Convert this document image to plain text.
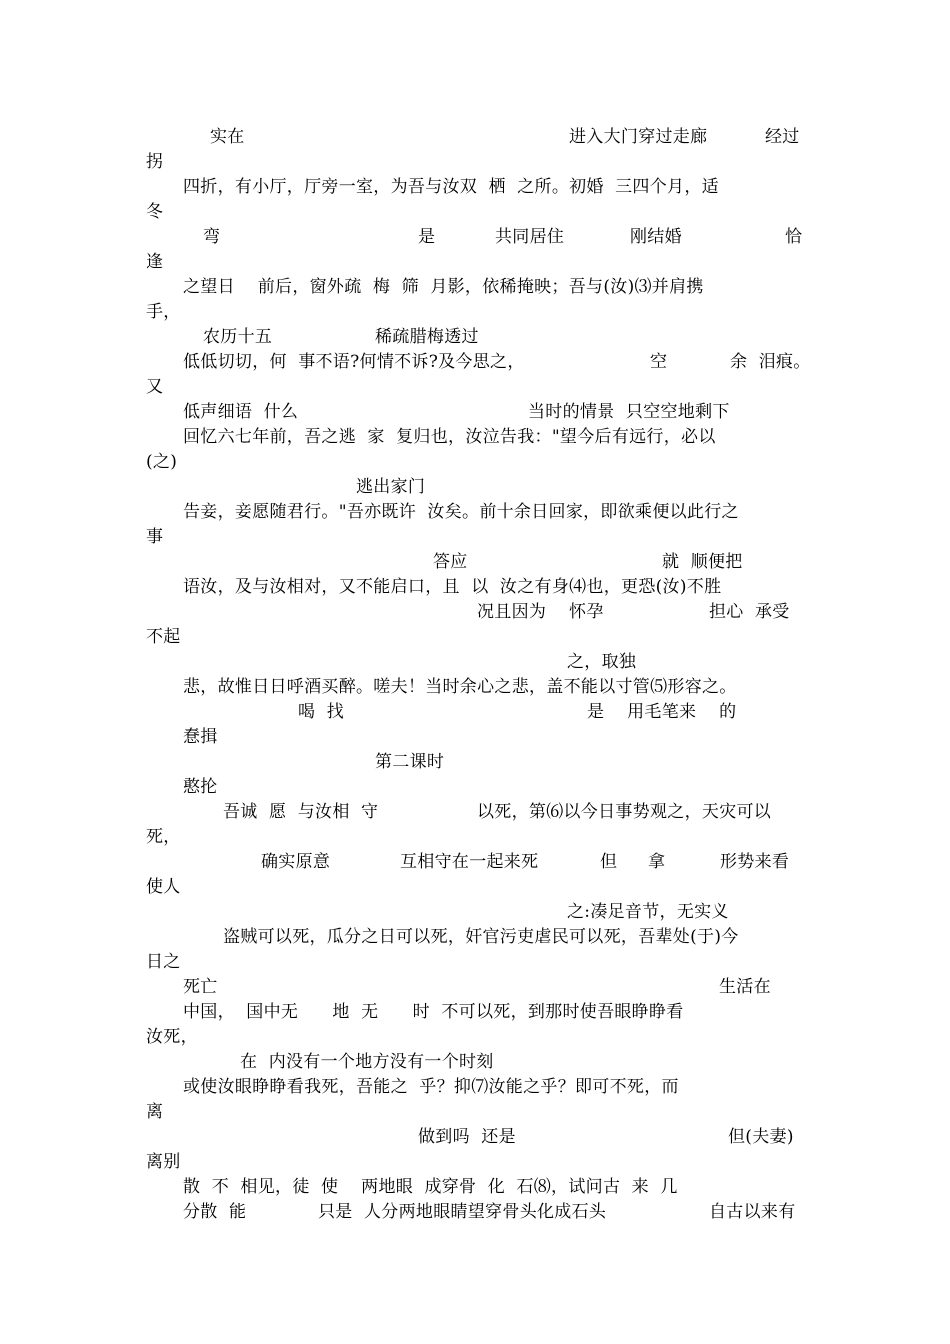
实在	进入大门穿过走廊	经过

拐

四折，有小厅，厅旁一室，为吾与汝双  栖  之所。初婚  三四个月，适

冬

弯	是	共同居住	刚结婚	恰

逢

之望日    前后，窗外疏  梅  筛  月影，依稀掩映；吾与(汝)⑶并肩携

手，

农历十五	稀疏腊梅透过

低低切切，何  事不语?何情不诉?及今思之，	空	余  泪痕。

又

低声细语  什么	当时的情景  只空空地剩下

回忆六七年前，吾之逃  家  复归也，汝泣告我："望今后有远行，必以

(之)

逃出家门

告妾，妾愿随君行。"吾亦既许  汝矣。前十余日回家，即欲乘便以此行之

事

答应	就  顺便把

语汝，及与汝相对，又不能启口，且  以  汝之有身⑷也，更恐(汝)不胜

况且因为    怀孕	担心  承受

不起

之，取独

悲，故惟日日呼酒买醉。嗟夫！当时余心之悲，盖不能以寸管⑸形容之。

喝  找	是    用毛笔来    的

惷揖

第二课时

憨抡

吾诚  愿  与汝相  守	以死，第⑹以今日事势观之，天灾可以

死，

确实原意	互相守在一起来死	但 拿	形势来看

使人

之:凑足音节，无实义

盗贼可以死，瓜分之日可以死，奸官污吏虐民可以死，吾辈处(于)今

日之

死亡	生活在

中国，  国中无      地  无      时  不可以死，到那时使吾眼睁睁看

汝死，

在  内没有一个地方没有一个时刻

或使汝眼睁睁看我死，吾能之  乎？抑⑺汝能之乎？即可不死，而

离

做到吗  还是	但(夫妻)

离别

散  不  相见，徒  使    两地眼  成穿骨  化  石⑻，试问古  来  几

分散  能	只是  人分两地眼睛望穿骨头化成石头	自古以来有
